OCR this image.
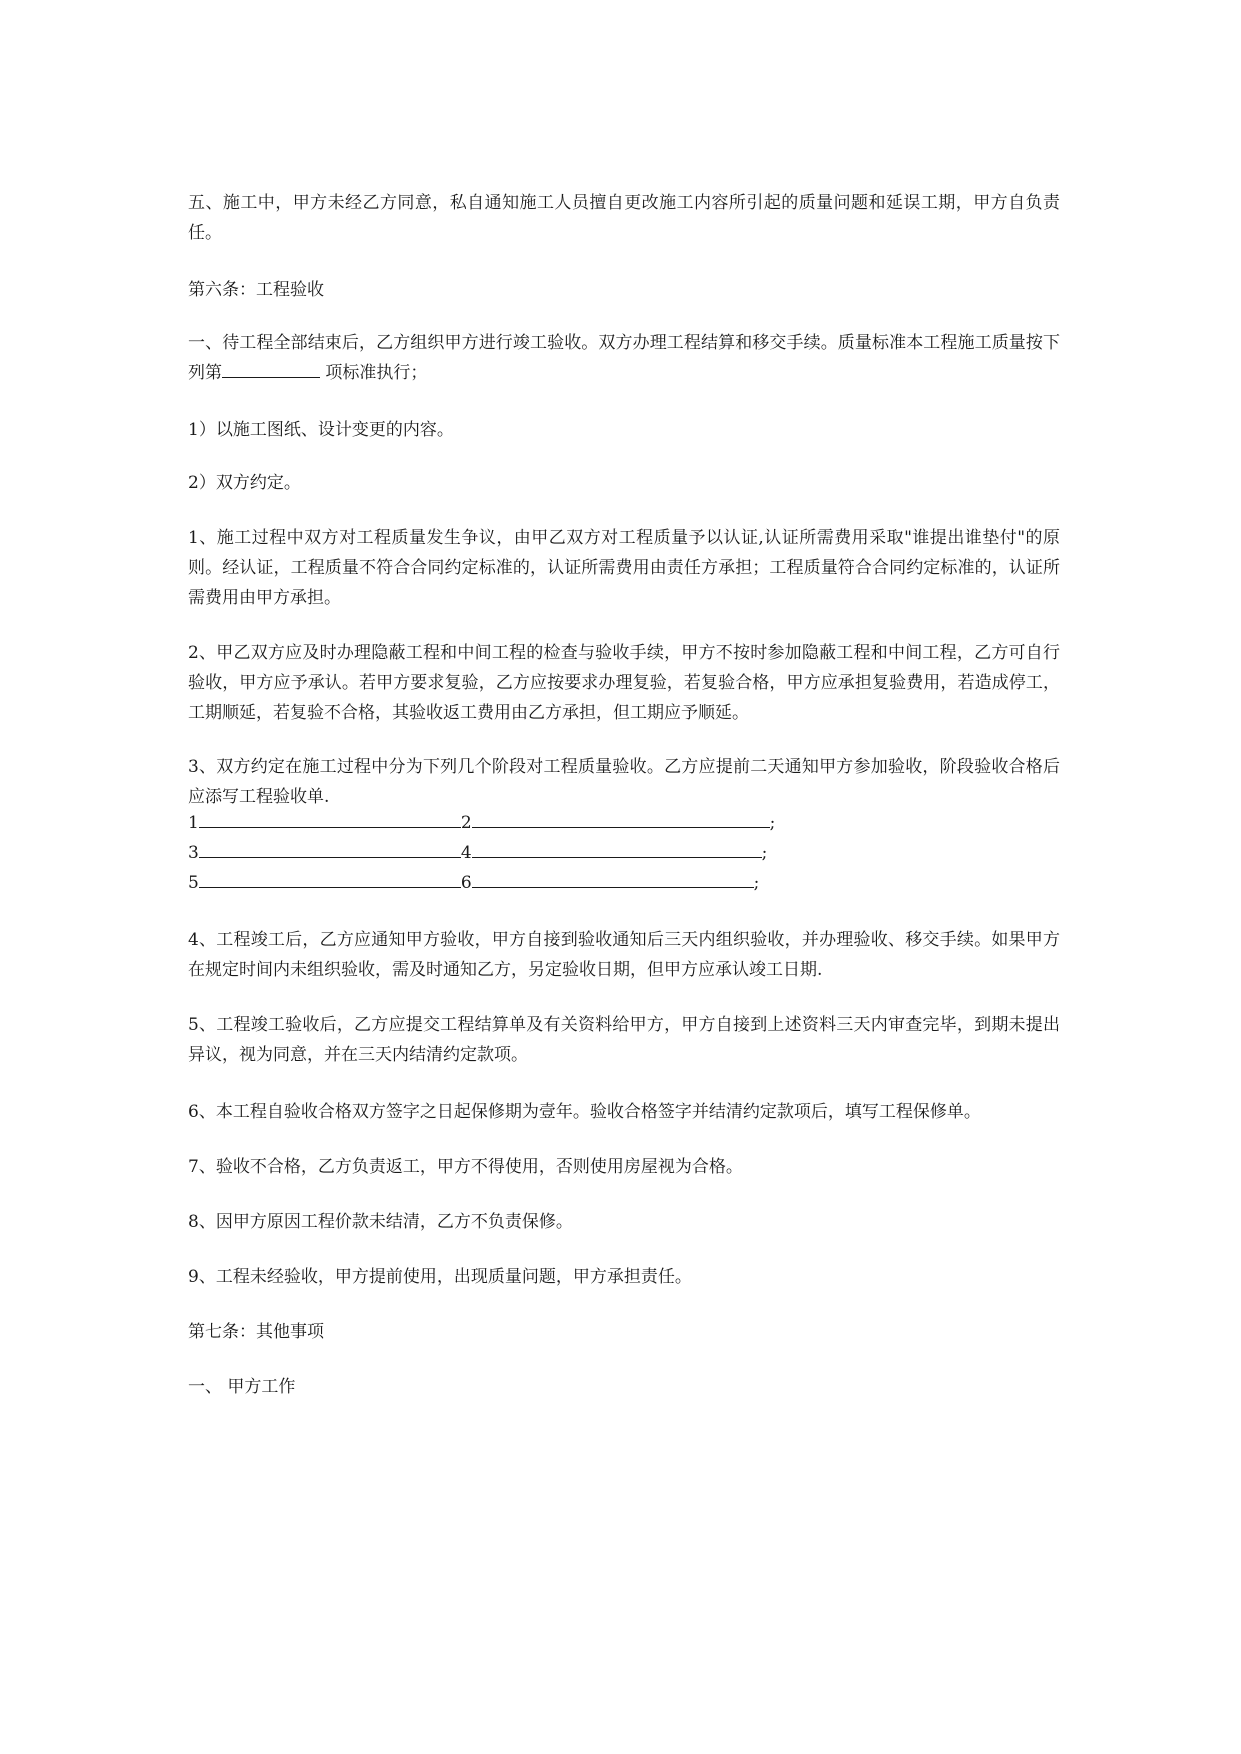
五、施工中，甲方未经乙方同意，私自通知施工人员擅自更改施工内容所引起的质量问题和延误工期，甲方自负责任。
第六条：工程验收
一、待工程全部结束后，乙方组织甲方进行竣工验收。双方办理工程结算和移交手续。质量标准本工程施工质量按下列第	项标准执行；
1）以施工图纸、设计变更的内容。
2）双方约定。
1、施工过程中双方对工程质量发生争议，由甲乙双方对工程质量予以认证,认证所需费用采取"谁提出谁垫付"的原则。经认证，工程质量不符合合同约定标准的，认证所需费用由责任方承担；工程质量符合合同约定标准的，认证所需费用由甲方承担。
2、甲乙双方应及时办理隐蔽工程和中间工程的检查与验收手续，甲方不按时参加隐蔽工程和中间工程，乙方可自行验收，甲方应予承认。若甲方要求复验，乙方应按要求办理复验，若复验合格，甲方应承担复验费用，若造成停工，工期顺延，若复验不合格，其验收返工费用由乙方承担，但工期应予顺延。
3、双方约定在施工过程中分为下列几个阶段对工程质量验收。乙方应提前二天通知甲方参加验收，阶段验收合格后应添写工程验收单.
1	2	;
3	4	;
5	6	;
4、工程竣工后，乙方应通知甲方验收，甲方自接到验收通知后三天内组织验收，并办理验收、移交手续。如果甲方在规定时间内未组织验收，需及时通知乙方，另定验收日期，但甲方应承认竣工日期.
5、工程竣工验收后，乙方应提交工程结算单及有关资料给甲方，甲方自接到上述资料三天内审查完毕，到期未提出异议，视为同意，并在三天内结清约定款项。
6、本工程自验收合格双方签字之日起保修期为壹年。验收合格签字并结清约定款项后，填写工程保修单。
7、验收不合格，乙方负责返工，甲方不得使用，否则使用房屋视为合格。
8、因甲方原因工程价款未结清，乙方不负责保修。
9、工程未经验收，甲方提前使用，出现质量问题，甲方承担责任。
第七条：其他事项
一、 甲方工作
